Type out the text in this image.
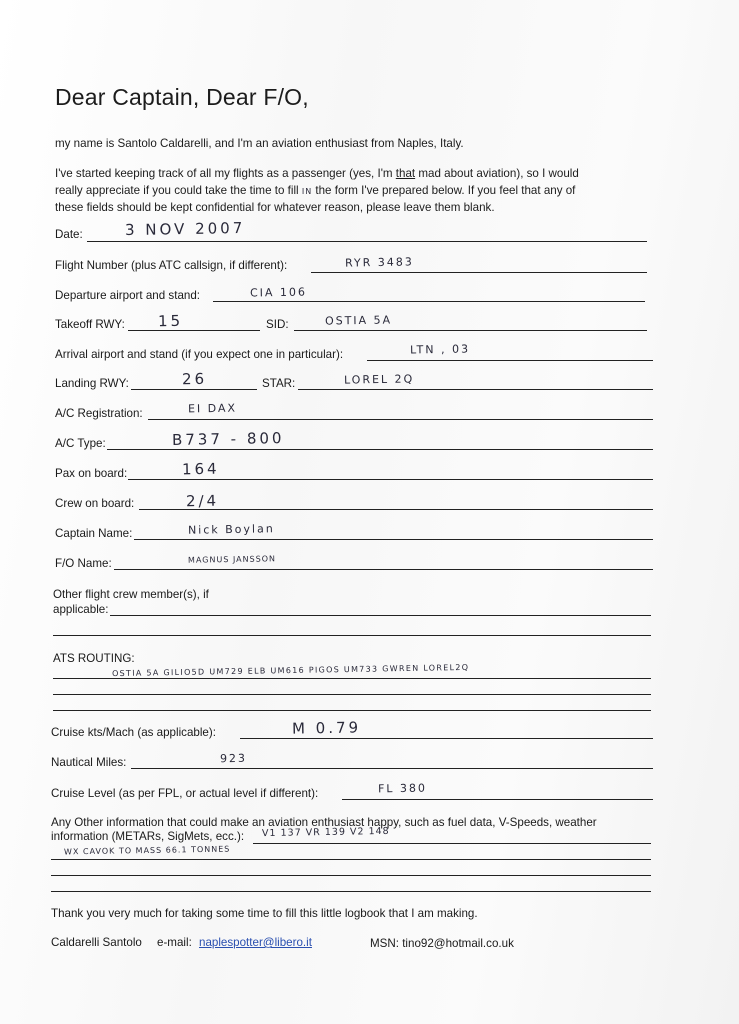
Dear Captain, Dear F/O,
my name is Santolo Caldarelli, and I'm an aviation enthusiast from Naples, Italy.
I've started keeping track of all my flights as a passenger (yes, I'm that mad about aviation), so I would
really appreciate if you could take the time to fill IN the form I've prepared below. If you feel that any of
these fields should be kept confidential for whatever reason, please leave them blank.
Date:	3 NOV 2007
Flight Number (plus ATC callsign, if different):	RYR 3483
Departure airport and stand:	CIA 106
Takeoff RWY: 15	SID:	OSTIA 5A
Arrival airport and stand (if you expect one in particular):	LTN , 03
Landing RWY:	26	STAR:	LOREL 2Q
A/C Registration:	EI DAX
A/C Type:	B737 - 800
Pax on board:	164
Crew on board:	2/4
Captain Name:	Nick Boylan
F/O Name:	MAGNUS JANSSON
Other flight crew member(s), if
applicable:
ATS ROUTING:
OSTIA 5A GILIO5D UM729 ELB UM616 PIGOS UM733 GWREN LOREL2Q
Cruise kts/Mach (as applicable):	M 0.79
Nautical Miles:	923
Cruise Level (as per FPL, or actual level if different):	FL 380
Any Other information that could make an aviation enthusiast happy, such as fuel data, V-Speeds, weather
information (METARs, SigMets, ecc.): V1 137 VR 139 V2 148
WX CAVOK TO MASS 66.1 TONNES
Thank you very much for taking some time to fill this little logbook that I am making.
Caldarelli Santolo e-mail: naplespotter@libero.it	MSN: tino92@hotmail.co.uk
